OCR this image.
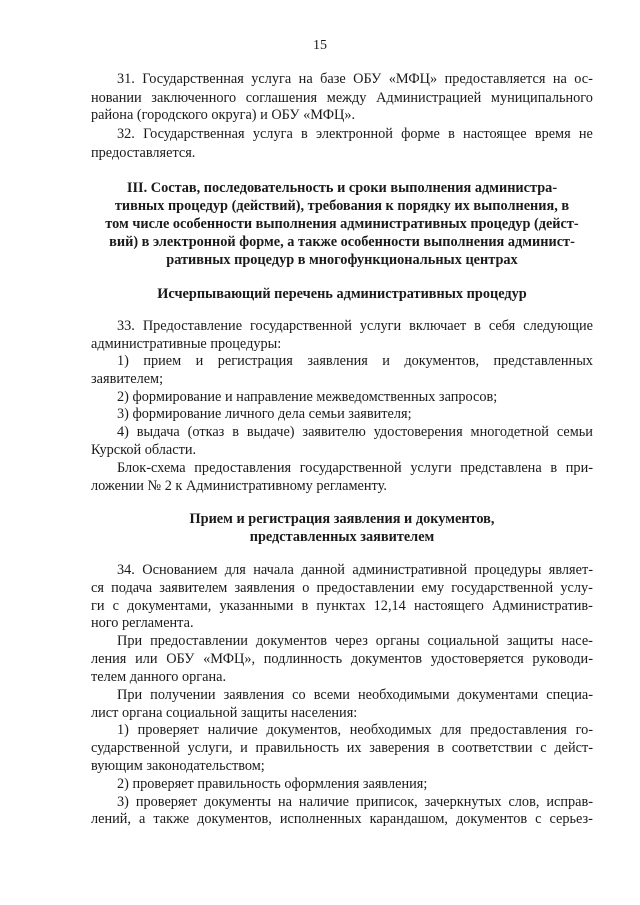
15
31. Государственная услуга на базе ОБУ «МФЦ» предоставляется на ос-
новании заключенного соглашения между Администрацией муниципального
района (городского округа) и ОБУ «МФЦ».
32. Государственная услуга в электронной форме в настоящее время не
предоставляется.
III. Состав, последовательность и сроки выполнения администра-
тивных процедур (действий), требования к порядку их выполнения, в
том числе особенности выполнения административных процедур (дейст-
вий) в электронной форме, а также особенности выполнения админист-
ративных процедур в многофункциональных центрах
Исчерпывающий перечень административных процедур
33. Предоставление государственной услуги включает в себя следующие
административные процедуры:
1) прием и регистрация заявления и документов, представленных
заявителем;
2) формирование и направление межведомственных запросов;
3) формирование личного дела семьи заявителя;
4) выдача (отказ в выдаче) заявителю удостоверения многодетной семьи
Курской области.
Блок-схема предоставления государственной услуги представлена в при-
ложении № 2 к Административному регламенту.
Прием и регистрация заявления и документов,
представленных заявителем
34. Основанием для начала данной административной процедуры являет-
ся подача заявителем заявления о предоставлении ему государственной услу-
ги с документами, указанными в пунктах 12,14 настоящего Административ-
ного регламента.
При предоставлении документов через органы социальной защиты насе-
ления или ОБУ «МФЦ», подлинность документов удостоверяется руководи-
телем данного органа.
При получении заявления со всеми необходимыми документами специа-
лист органа социальной защиты населения:
1) проверяет наличие документов, необходимых для предоставления го-
сударственной услуги, и правильность их заверения в соответствии с дейст-
вующим законодательством;
2) проверяет правильность оформления заявления;
3) проверяет документы на наличие приписок, зачеркнутых слов, исправ-
лений, а также документов, исполненных карандашом, документов с серьез-
